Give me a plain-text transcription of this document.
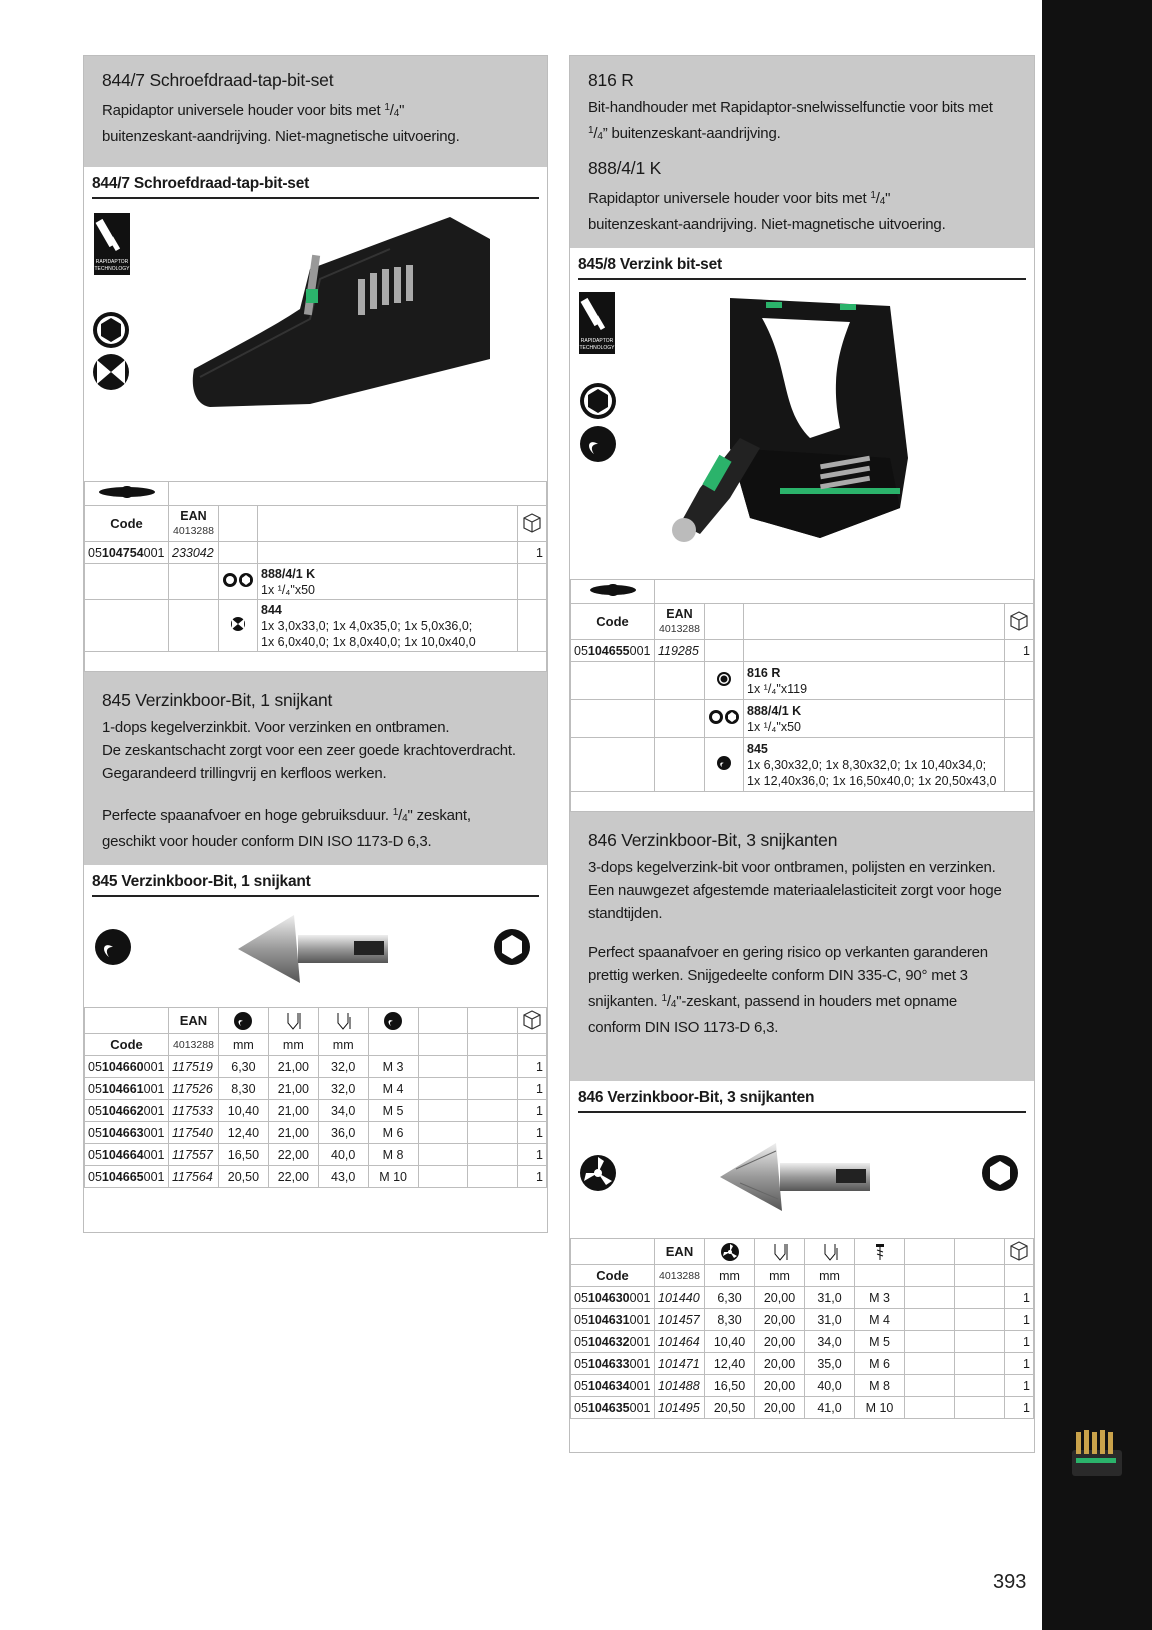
393
844/7 Schroefdraad-tap-bit-set

Rapidaptor universele houder voor bits met $^1$/4"
buitenzeskant-aandrijving. Niet-magnetische uitvoering.

844/7 Schroefdraad-tap-bit-set
RAPIDAPTOR
TECHNOLOGY

Code	EAN
4013288			
05104754001	233042			1
			888/4/1 K
1x ¹/₄"x50	
			844
1x 3,0x33,0; 1x 4,0x35,0; 1x 5,0x36,0;
1x 6,0x40,0; 1x 8,0x40,0; 1x 10,0x40,0	

845 Verzinkboor-Bit, 1 snijkant

1-dops kegelverzinkbit. Voor verzinken en ontbramen.
De zeskantschacht zorgt voor een zeer goede krachtoverdracht.
Gegarandeerd trillingvrij en kerfloos werken.

Perfecte spaanafvoer en hoge gebruiksduur. $^1$/4" zeskant,
geschikt voor houder conform DIN ISO 1173-D 6,3.

845 Verzinkboor-Bit, 1 snijkant
	EAN							
Code	4013288	mm	mm	mm				
05104660001	117519	6,30	21,00	32,0	M 3			1
05104661001	117526	8,30	21,00	32,0	M 4			1
05104662001	117533	10,40	21,00	34,0	M 5			1
05104663001	117540	12,40	21,00	36,0	M 6			1
05104664001	117557	16,50	22,00	40,0	M 8			1
05104665001	117564	20,50	22,00	43,0	M 10			1
816 R

Bit-handhouder met Rapidaptor-snelwisselfunctie voor bits met
$^1$/4” buitenzeskant-aandrijving.

888/4/1 K

Rapidaptor universele houder voor bits met $^1$/4"
buitenzeskant-aandrijving. Niet-magnetische uitvoering.

845/8 Verzink bit-set
RAPIDAPTOR
TECHNOLOGY

Code	EAN
4013288			
05104655001	119285			1
			816 R
1x ¹/₄"x119	
			888/4/1 K
1x ¹/₄"x50	
			845
1x 6,30x32,0; 1x 8,30x32,0; 1x 10,40x34,0;
1x 12,40x36,0; 1x 16,50x40,0; 1x 20,50x43,0	

846 Verzinkboor-Bit, 3 snijkanten

3-dops kegelverzink-bit voor ontbramen, polijsten en verzinken.
Een nauwgezet afgestemde materiaalelasticiteit zorgt voor hoge
standtijden.

Perfect spaanafvoer en gering risico op verkanten garanderen
prettig werken. Snijgedeelte conform DIN 335-C, 90° met 3
snijkanten. $^1$/4"-zeskant, passend in houders met opname
conform DIN ISO 1173-D 6,3.

846 Verzinkboor-Bit, 3 snijkanten
	EAN							
Code	4013288	mm	mm	mm				
05104630001	101440	6,30	20,00	31,0	M 3			1
05104631001	101457	8,30	20,00	31,0	M 4			1
05104632001	101464	10,40	20,00	34,0	M 5			1
05104633001	101471	12,40	20,00	35,0	M 6			1
05104634001	101488	16,50	20,00	40,0	M 8			1
05104635001	101495	20,50	20,00	41,0	M 10			1
